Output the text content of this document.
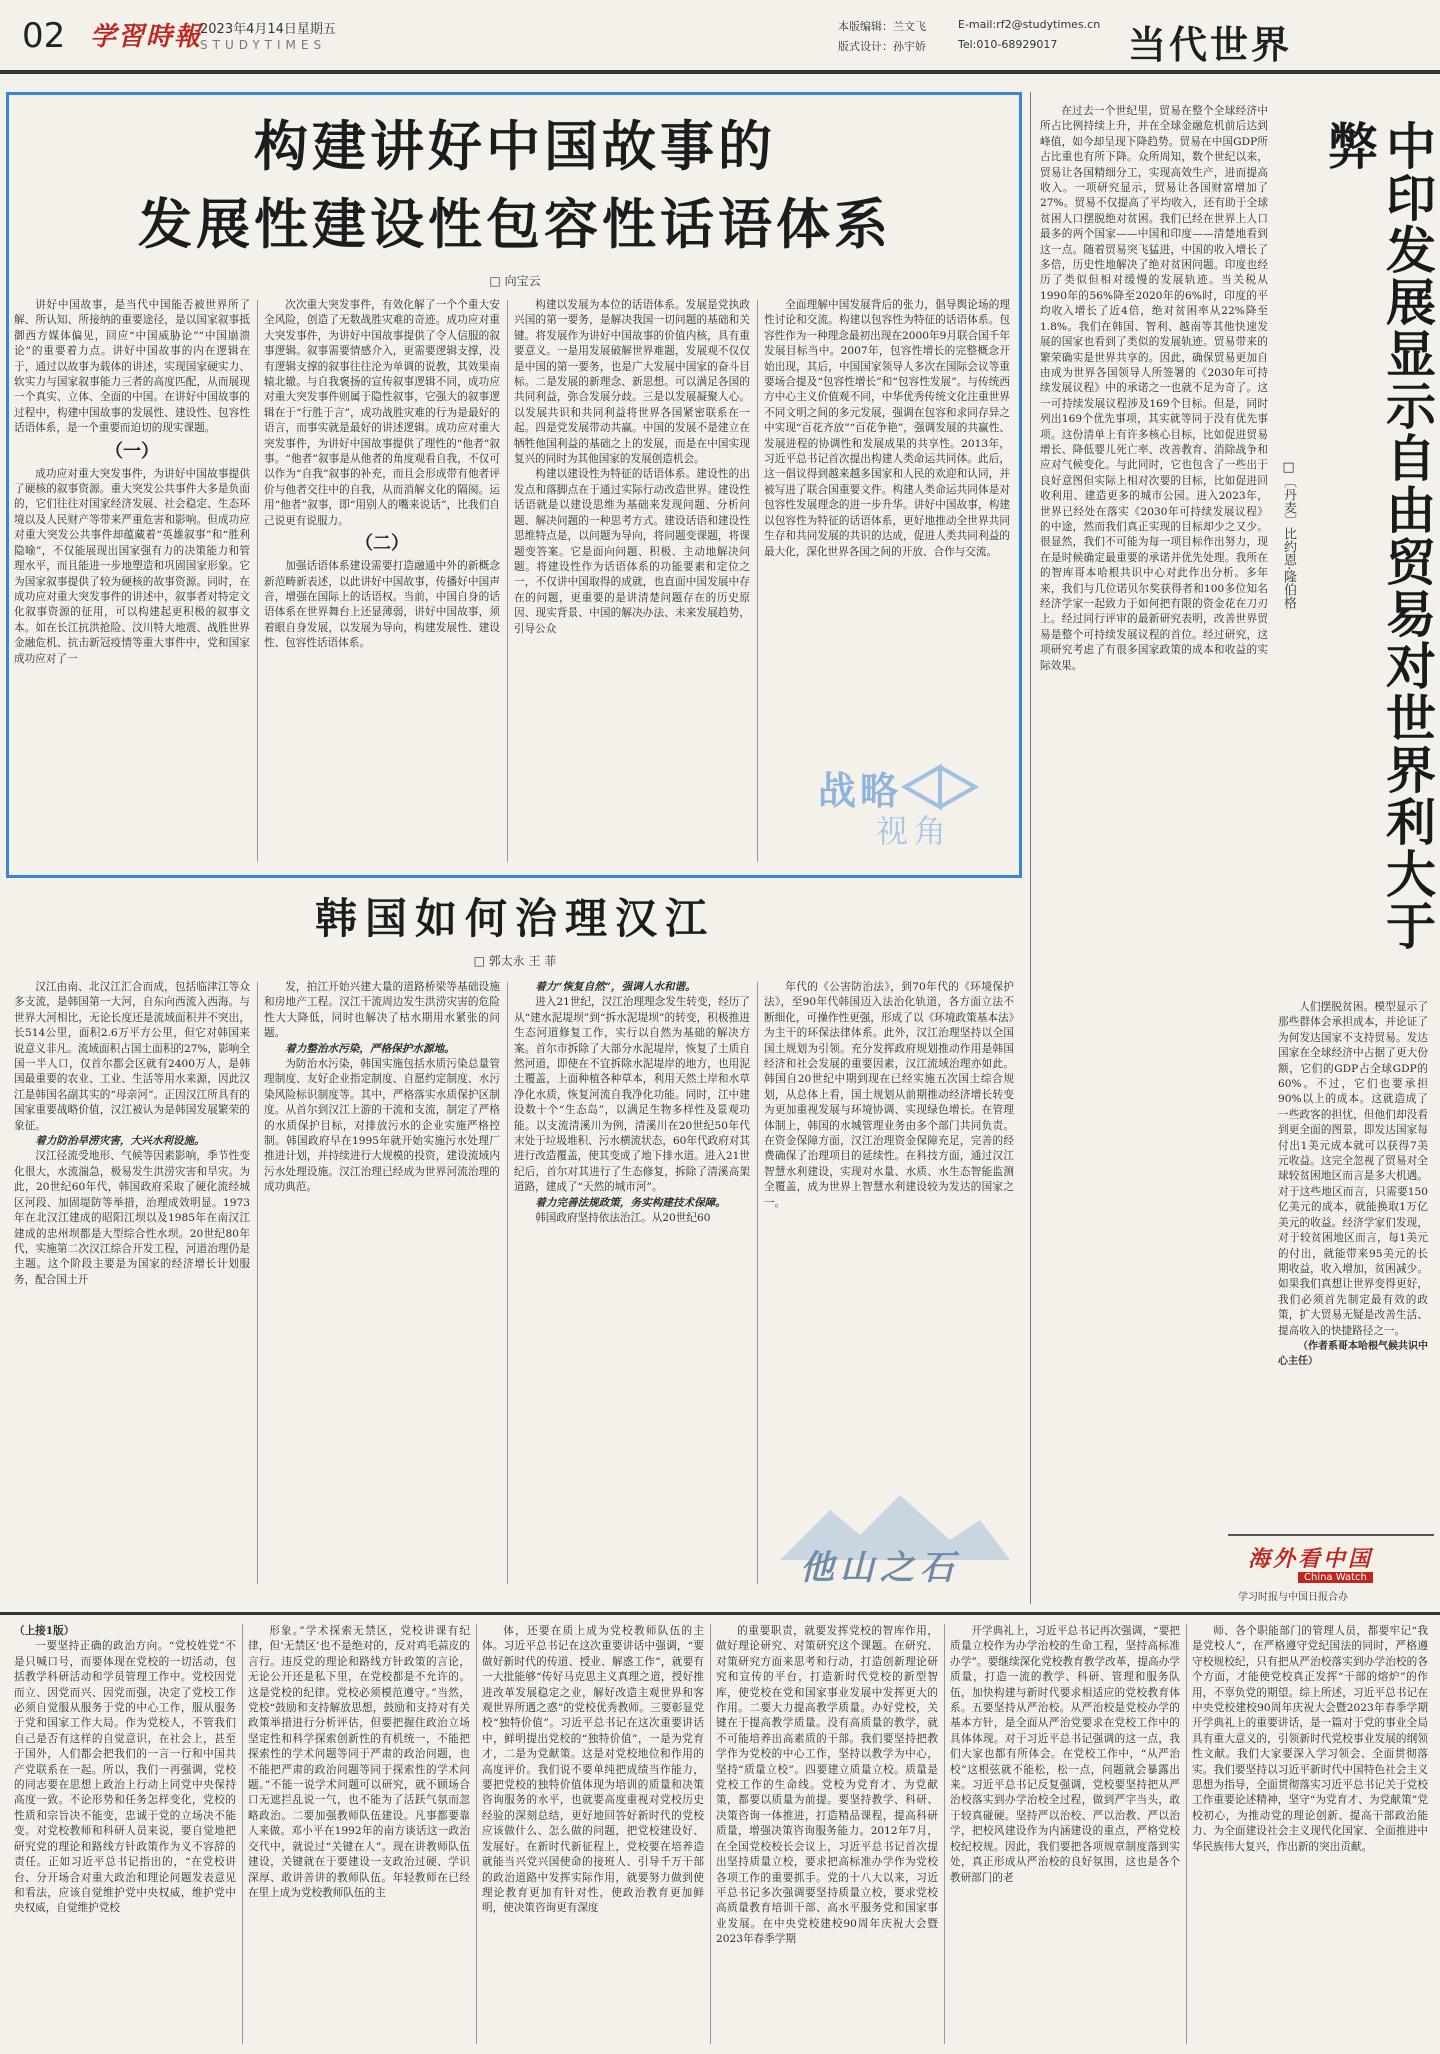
02 学習時報
2023年4月14日星期五
STUDYTIMES
本版编辑：兰文飞
版式设计：孙宇娇
E-mail:rf2@studytimes.cn
Tel:010-68929017 当代世界
构建讲好中国故事的
发展性建设性包容性话语体系
□ 向宝云

讲好中国故事，是当代中国能否被世界所了解、所认知、所接纳的重要途径，是以国家叙事抵御西方媒体偏见，回应“中国威胁论”“中国崩溃论”的重要着力点。讲好中国故事的内在逻辑在于，通过以故事为载体的讲述，实现国家硬实力、软实力与国家叙事能力三者的高度匹配，从而展现一个真实、立体、全面的中国。在讲好中国故事的过程中，构建中国故事的发展性、建设性、包容性话语体系，是一个重要而迫切的现实课题。

（一）

成功应对重大突发事件，为讲好中国故事提供了硬核的叙事资源。重大突发公共事件大多是负面的，它们往往对国家经济发展、社会稳定、生态环境以及人民财产等带来严重危害和影响。但成功应对重大突发公共事件却蕴藏着“英雄叙事”和“胜利隐喻”，不仅能展现出国家强有力的决策能力和管理水平，而且能进一步地塑造和巩固国家形象。它为国家叙事提供了较为硬核的故事资源。同时，在成功应对重大突发事件的讲述中，叙事者对特定文化叙事资源的征用，可以构建起更积极的叙事文本。如在长江抗洪抢险、汶川特大地震、战胜世界金融危机、抗击新冠疫情等重大事件中，党和国家成功应对了一

次次重大突发事件，有效化解了一个个重大安全风险，创造了无数战胜灾难的奇迹。成功应对重大突发事件，为讲好中国故事提供了令人信服的叙事逻辑。叙事需要情感介入，更需要逻辑支撑，没有逻辑支撑的叙事往往沦为单调的说教，其效果南辕北辙。与自我褒扬的宣传叙事逻辑不同，成功应对重大突发事件则属于隐性叙事，它强大的叙事逻辑在于“行胜于言”，成功战胜灾难的行为是最好的语言，而事实就是最好的讲述逻辑。成功应对重大突发事件，为讲好中国故事提供了理性的“他者”叙事。“他者”叙事是从他者的角度观看自我，不仅可以作为“自我”叙事的补充，而且会形成带有他者评价与他者交往中的自我，从而消解文化的隔阂。运用“他者”叙事，即“用别人的嘴来说话”，比我们自己说更有说服力。

（二）

加强话语体系建设需要打造融通中外的新概念新范畴新表述，以此讲好中国故事，传播好中国声音，增强在国际上的话语权。当前，中国自身的话语体系在世界舞台上还显薄弱，讲好中国故事，须着眼自身发展，以发展为导向，构建发展性、建设性、包容性话语体系。

构建以发展为本位的话语体系。发展是党执政兴国的第一要务，是解决我国一切问题的基础和关键。将发展作为讲好中国故事的价值内核，具有重要意义。一是用发展破解世界难题，发展观不仅仅是中国的第一要务，也是广大发展中国家的奋斗目标。二是发展的新理念、新思想。可以满足各国的共同利益，弥合发展分歧。三是以发展凝聚人心。以发展共识和共同利益将世界各国紧密联系在一起。四是党发展带动共赢。中国的发展不是建立在牺牲他国利益的基础之上的发展，而是在中国实现复兴的同时为其他国家的发展创造机会。

构建以建设性为特征的话语体系。建设性的出发点和落脚点在于通过实际行动改造世界。建设性话语就是以建设思维为基础来发现问题、分析问题、解决问题的一种思考方式。建设话语和建设性思维特点是，以问题为导向，将问题变课题，将课题变答案。它是面向问题、积极、主动地解决问题。将建设性作为话语体系的功能要素和定位之一，不仅讲中国取得的成就，也直面中国发展中存在的问题，更重要的是讲清楚问题存在的历史原因、现实背景、中国的解决办法、未来发展趋势，引导公众

全面理解中国发展背后的张力，倡导舆论场的理性讨论和交流。构建以包容性为特征的话语体系。包容性作为一种理念最初出现在2000年9月联合国千年发展目标当中。2007年，包容性增长的完整概念开始出现，其后，中国国家领导人多次在国际会议等重要场合提及“包容性增长”和“包容性发展”。与传统西方中心主义价值观不同，中华优秀传统文化注重世界不同文明之间的多元发展，强调在包容和求同存异之中实现“百花齐放”“百花争艳”，强调发展的共赢性、发展进程的协调性和发展成果的共享性。2013年，习近平总书记首次提出构建人类命运共同体。此后，这一倡议得到越来越多国家和人民的欢迎和认同，并被写进了联合国重要文件。构建人类命运共同体是对包容性发展理念的进一步升华。讲好中国故事，构建以包容性为特征的话语体系，更好地推动全世界共同生存和共同发展的共识的达成，促进人类共同利益的最大化，深化世界各国之间的开放、合作与交流。

战略
视角
韩国如何治理汉江
□ 郭太永 王 菲

汉江由南、北汉江汇合而成，包括临津江等众多支流，是韩国第一大河，自东向西流入西海。与世界大河相比，无论长度还是流域面积并不突出，长514公里，面积2.6万平方公里，但它对韩国来说意义非凡。流域面积占国土面积的27%，影响全国一半人口，仅首尔都会区就有2400万人，是韩国最重要的农业、工业、生活等用水来源，因此汉江是韩国名副其实的“母亲河”。正因汉江所具有的国家重要战略价值，汉江被认为是韩国发展繁荣的象征。

着力防治旱涝灾害，大兴水利设施。

汉江径流受地形、气候等因素影响，季节性变化很大，水流湍急，极易发生洪涝灾害和旱灾。为此，20世纪60年代，韩国政府采取了硬化流经城区河段、加固堤防等举措，治理成效明显。1973年在北汉江建成的昭阳江坝以及1985年在南汉江建成的忠州坝都是大型综合性水坝。20世纪80年代，实施第二次汉江综合开发工程，河道治理仍是主题。这个阶段主要是为国家的经济增长计划服务，配合国土开

发，拍江开始兴建大量的道路桥梁等基础设施和房地产工程。汉江干流周边发生洪涝灾害的危险性大大降低，同时也解决了枯水期用水紧张的问题。

着力整治水污染，严格保护水源地。

为防治水污染，韩国实施包括水质污染总量管理制度、友好企业指定制度、自愿约定制度、水污染风险标识制度等。其中，严格落实水质保护区制度。从首尔到汉江上游的干流和支流，制定了严格的水质保护目标，对排放污水的企业实施严格控制。韩国政府早在1995年就开始实施污水处理厂推进计划，并持续进行大规模的投资，建设流域内污水处理设施。汉江治理已经成为世界河流治理的成功典范。

着力“恢复自然”，强调人水和谐。

进入21世纪，汉江治理理念发生转变，经历了从“建水泥堤坝”到“拆水泥堤坝”的转变，积极推进生态河道修复工作，实行以自然为基础的解决方案。首尔市拆除了大部分水泥堤岸，恢复了土质自然河道，即使在不宜拆除水泥堤岸的地方，也用泥土覆盖，上面种植各种草本，利用天然土岸和水草净化水质，恢复河流自我净化功能。同时，江中建设数十个“生态岛”，以满足生物多样性及景观功能。以支流清溪川为例，清溪川在20世纪50年代末处于垃圾堆积、污水横流状态，60年代政府对其进行改造覆盖，使其变成了地下排水道。进入21世纪后，首尔对其进行了生态修复，拆除了清溪高架道路，建成了“天然的城市河”。

着力完善法规政策，务实构建技术保障。

韩国政府坚持依法治江。从20世纪60

年代的《公害防治法》，到70年代的《环境保护法》，至90年代韩国迈入法治化轨道，各方面立法不断细化，可操作性更强，形成了以《环境政策基本法》为主干的环保法律体系。此外，汉江治理坚持以全国国土规划为引领。充分发挥政府规划推动作用是韩国经济和社会发展的重要因素，汉江流域治理亦如此。韩国自20世纪中期到现在已经实施五次国土综合规划，从总体上看，国土规划从前期推动经济增长转变为更加重视发展与环境协调、实现绿色增长。在管理体制上，韩国的水城管理业务由多个部门共同负责。在资金保障方面，汉江治理资金保障充足，完善的经费确保了治理项目的延续性。在科技方面，通过汉江智慧水利建设，实现对水量、水质、水生态智能监测全覆盖，成为世界上智慧水利建设较为发达的国家之一。

他山之石
中印发展显示自由贸易对世界利大于弊
□〔丹麦〕比约恩·隆伯格

在过去一个世纪里，贸易在整个全球经济中所占比例持续上升，并在全球金融危机前后达到峰值，如今却呈现下降趋势。贸易在中国GDP所占比重也有所下降。众所周知，数个世纪以来，贸易让各国精细分工，实现高效生产，进而提高收入。一项研究显示，贸易让各国财富增加了27%。贸易不仅提高了平均收入，还有助于全球贫困人口摆脱绝对贫困。我们已经在世界上人口最多的两个国家——中国和印度——清楚地看到这一点。随着贸易突飞猛进，中国的收入增长了多倍，历史性地解决了绝对贫困问题。印度也经历了类似但相对缓慢的发展轨迹。当关税从1990年的56%降至2020年的6%时，印度的平均收入增长了近4倍，绝对贫困率从22%降至1.8%。我们在韩国、智利、越南等其他快速发展的国家也看到了类似的发展轨迹。贸易带来的繁荣确实是世界共享的。因此，确保贸易更加自由成为世界各国领导人所签署的《2030年可持续发展议程》中的承诺之一也就不足为奇了。这一可持续发展议程涉及169个目标。但是，同时列出169个优先事项，其实就等同于没有优先事项。这份清单上有许多核心目标，比如促进贸易增长、降低婴儿死亡率、改善教育、消除战争和应对气候变化。与此同时，它也包含了一些出于良好意图但实际上相对次要的目标，比如促进回收利用、建造更多的城市公园。进入2023年，世界已经处在落实《2030年可持续发展议程》的中途，然而我们真正实现的目标却少之又少。很显然，我们不可能为每一项目标作出努力，现在是时候确定最重要的承诺并优先处理。我所在的智库哥本哈根共识中心对此作出分析。多年来，我们与几位诺贝尔奖获得者和100多位知名经济学家一起致力于如何把有限的资金花在刀刃上。经过同行评审的最新研究表明，改善世界贸易是整个可持续发展议程的首位。经过研究，这项研究考虑了有很多国家政策的成本和收益的实际效果。

人们摆脱贫困。模型显示了那些群体会承担成本，并论证了为何发达国家不支持贸易。发达国家在全球经济中占据了更大份额，它们的GDP占全球GDP的60%。不过，它们也要承担90%以上的成本。这就造成了一些政客的担忧，但他们却没看到更全面的图景，即发达国家每付出1美元成本就可以获得7美元收益。这完全忽视了贸易对全球较贫困地区而言是多大机遇。对于这些地区而言，只需要150亿美元的成本，就能换取1万亿美元的收益。经济学家们发现，对于较贫困地区而言，每1美元的付出，就能带来95美元的长期收益，收入增加，贫困减少。如果我们真想让世界变得更好，我们必须首先制定最有效的政策，扩大贸易无疑是改善生活、提高收入的快捷路径之一。

（作者系哥本哈根气候共识中心主任）

海外看中国
China Watch
学习时报与中国日报合办
（上接1版）

一要坚持正确的政治方向。“党校姓党”不是只喊口号，而要体现在党校的一切活动，包括教学科研活动和学员管理工作中。党校因党而立、因党而兴、因党而强，决定了党校工作必须自觉服从服务于党的中心工作，服从服务于党和国家工作大局。作为党校人，不管我们自己是否有这样的自觉意识，在社会上，甚至于国外，人们都会把我们的一言一行和中国共产党联系在一起。所以，我们一再强调，党校的同志要在思想上政治上行动上同党中央保持高度一致。不论形势和任务怎样变化，党校的性质和宗旨决不能变，忠诚于党的立场决不能变。对党校教师和科研人员来说，要自觉地把研究党的理论和路线方针政策作为义不容辞的责任。正如习近平总书记指出的，“在党校讲台、分开场合对重大政治和理论问题发表意见和看法，应该自觉维护党中央权威，维护党中央权威，自觉维护党校

形象。”学术探索无禁区，党校讲课有纪律，但‘无禁区’也不是绝对的，反对鸡毛蒜皮的言行。违反党的理论和路线方针政策的言论，无论公开还是私下里，在党校都是不允许的。这是党校的纪律。党校必须模范遵守。”当然，党校“鼓励和支持解放思想，鼓励和支持对有关政策举措进行分析评估，但要把握住政治立场坚定性和科学探索创新性的有机统一，不能把探索性的学术问题等同于严肃的政治问题，也不能把严肃的政治问题等同于探索性的学术问题。”不能一说学术问题可以研究，就不顾场合口无遮拦乱说一气，也不能为了活跃气氛而忽略政治。二要加强教师队伍建设。凡事都要靠人来做。邓小平在1992年的南方谈话这一政治交代中，就说过“关键在人”。现在讲教师队伍建设，关键就在于要建设一支政治过硬、学识深厚、敢讲善讲的教师队伍。年轻教师在已经在里上成为党校教师队伍的主

体，还要在质上成为党校教师队伍的主体。习近平总书记在这次重要讲话中强调，“要做好新时代的传道、授业、解惑工作”，就要有一大批能够“传好马克思主义真理之道，授好推进改革发展稳定之业，解好改造主观世界和客观世界所遇之惑”的党校优秀教师。三要彰显党校“独特价值”。习近平总书记在这次重要讲话中，鲜明提出党校的“独特价值”，一是为党育才，二是为党献策。这是对党校地位和作用的高度评价。我们说不要单纯把成绩当作能力，要把党校的独特价值体现为培训的质量和决策咨询服务的水平，也就要高度重视对党校历史经验的深刻总结，更好地回答好新时代的党校应该做什么、怎么做的问题，把党校建设好、发展好。在新时代新征程上，党校要在培养造就能当兴党兴国使命的接班人、引导千万干部的政治道路中发挥实际作用，就要努力做到使理论教育更加有针对性，使政治教育更加鲜明，使决策咨询更有深度

的重要职责，就要发挥党校的智库作用，做好理论研究、对策研究这个课题。在研究、对策研究方面来思考和行动，打造创新理论研究和宣传的平台，打造新时代党校的新型智库，使党校在党和国家事业发展中发挥更大的作用。二要大力提高教学质量。办好党校，关键在于提高教学质量。没有高质量的教学，就不可能培养出高素质的干部。我们要坚持把教学作为党校的中心工作，坚持以教学为中心，坚持“质量立校”。四要建立质量立校。质量是党校工作的生命线。党校为党育才、为党献策，都要以质量为前提。要坚持教学、科研、决策咨询一体推进，打造精品课程，提高科研质量，增强决策咨询服务能力。2012年7月，在全国党校校长会议上，习近平总书记首次提出坚持质量立校，要求把高标准办学作为党校各项工作的重要抓手。党的十八大以来，习近平总书记多次强调要坚持质量立校，要求党校高质量教育培训干部、高水平服务党和国家事业发展。在中央党校建校90周年庆祝大会暨2023年春季学期

开学典礼上，习近平总书记再次强调，“要把质量立校作为办学治校的生命工程，坚持高标准办学”。要继续深化党校教育教学改革，提高办学质量，打造一流的教学、科研、管理和服务队伍，加快构建与新时代要求相适应的党校教育体系。五要坚持从严治校。从严治校是党校办学的基本方针，是全面从严治党要求在党校工作中的具体体现。对于习近平总书记强调的这一点，我们大家也都有所体会。在党校工作中，“从严治校”这根弦就不能松，松一点，问题就会暴露出来。习近平总书记反复强调，党校要坚持把从严治校落实到办学治校全过程，做到严字当头，敢于较真碰硬。坚持严以治校、严以治教、严以治学，把校风建设作为内涵建设的重点，严格党校校纪校规。因此，我们要把各项规章制度落到实处，真正形成从严治校的良好氛围，这也是各个教研部门的老

师、各个职能部门的管理人员，都要牢记“我是党校人”，在严格遵守党纪国法的同时，严格遵守校规校纪，只有把从严治校落实到办学治校的各个方面，才能使党校真正发挥“干部的熔炉”的作用，不辜负党的期望。综上所述，习近平总书记在中央党校建校90周年庆祝大会暨2023年春季学期开学典礼上的重要讲话，是一篇对于党的事业全局具有重大意义的，引领新时代党校事业发展的纲领性文献。我们大家要深入学习领会、全面贯彻落实。我们要坚持以习近平新时代中国特色社会主义思想为指导，全面贯彻落实习近平总书记关于党校工作重要论述精神，坚守“为党育才、为党献策”党校初心，为推动党的理论创新、提高干部政治能力、为全面建设社会主义现代化国家、全面推进中华民族伟大复兴，作出新的突出贡献。
